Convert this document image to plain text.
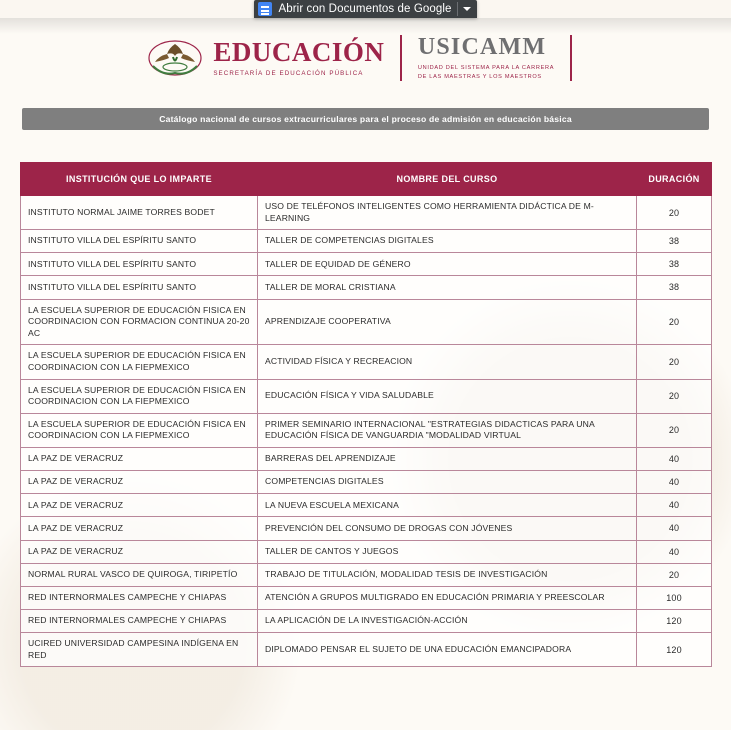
Abrir con Documentos de Google
EDUCACIÓN
SECRETARÍA DE EDUCACIÓN PÚBLICA
USICAMM
UNIDAD DEL SISTEMA PARA LA CARRERA
DE LAS MAESTRAS Y LOS MAESTROS
Catálogo nacional de cursos extracurriculares para el proceso de admisión en educación básica
INSTITUCIÓN QUE LO IMPARTE	NOMBRE DEL CURSO	DURACIÓN
INSTITUTO NORMAL JAIME TORRES BODET	USO DE TELÉFONOS INTELIGENTES COMO HERRAMIENTA DIDÁCTICA DE M-LEARNING	20
INSTITUTO VILLA DEL ESPÍRITU SANTO	TALLER DE COMPETENCIAS DIGITALES	38
INSTITUTO VILLA DEL ESPÍRITU SANTO	TALLER DE EQUIDAD DE GÉNERO	38
INSTITUTO VILLA DEL ESPÍRITU SANTO	TALLER DE MORAL CRISTIANA	38
LA ESCUELA SUPERIOR DE EDUCACIÓN FISICA EN COORDINACION CON FORMACION CONTINUA 20-20 AC	APRENDIZAJE COOPERATIVA	20
LA ESCUELA SUPERIOR DE EDUCACIÓN FISICA EN COORDINACION CON LA FIEPMEXICO	ACTIVIDAD FÍSICA Y RECREACION	20
LA ESCUELA SUPERIOR DE EDUCACIÓN FISICA EN COORDINACION CON LA FIEPMEXICO	EDUCACIÓN FÍSICA Y VIDA SALUDABLE	20
LA ESCUELA SUPERIOR DE EDUCACIÓN FISICA EN COORDINACION CON LA FIEPMEXICO	PRIMER SEMINARIO INTERNACIONAL "ESTRATEGIAS DIDACTICAS PARA UNA EDUCACIÓN FÍSICA DE VANGUARDIA "MODALIDAD VIRTUAL	20
LA PAZ DE VERACRUZ	BARRERAS DEL APRENDIZAJE	40
LA PAZ DE VERACRUZ	COMPETENCIAS DIGITALES	40
LA PAZ DE VERACRUZ	LA NUEVA ESCUELA MEXICANA	40
LA PAZ DE VERACRUZ	PREVENCIÓN DEL CONSUMO DE DROGAS CON JÓVENES	40
LA PAZ DE VERACRUZ	TALLER DE CANTOS Y JUEGOS	40
NORMAL RURAL VASCO DE QUIROGA, TIRIPETÍO	TRABAJO DE TITULACIÓN, MODALIDAD TESIS DE INVESTIGACIÓN	20
RED INTERNORMALES CAMPECHE Y CHIAPAS	ATENCIÓN A GRUPOS MULTIGRADO EN EDUCACIÓN PRIMARIA Y PREESCOLAR	100
RED INTERNORMALES CAMPECHE Y CHIAPAS	LA APLICACIÓN DE LA INVESTIGACIÓN-ACCIÓN	120
UCIRED UNIVERSIDAD CAMPESINA INDÍGENA EN RED	DIPLOMADO PENSAR EL SUJETO DE UNA EDUCACIÓN EMANCIPADORA	120
